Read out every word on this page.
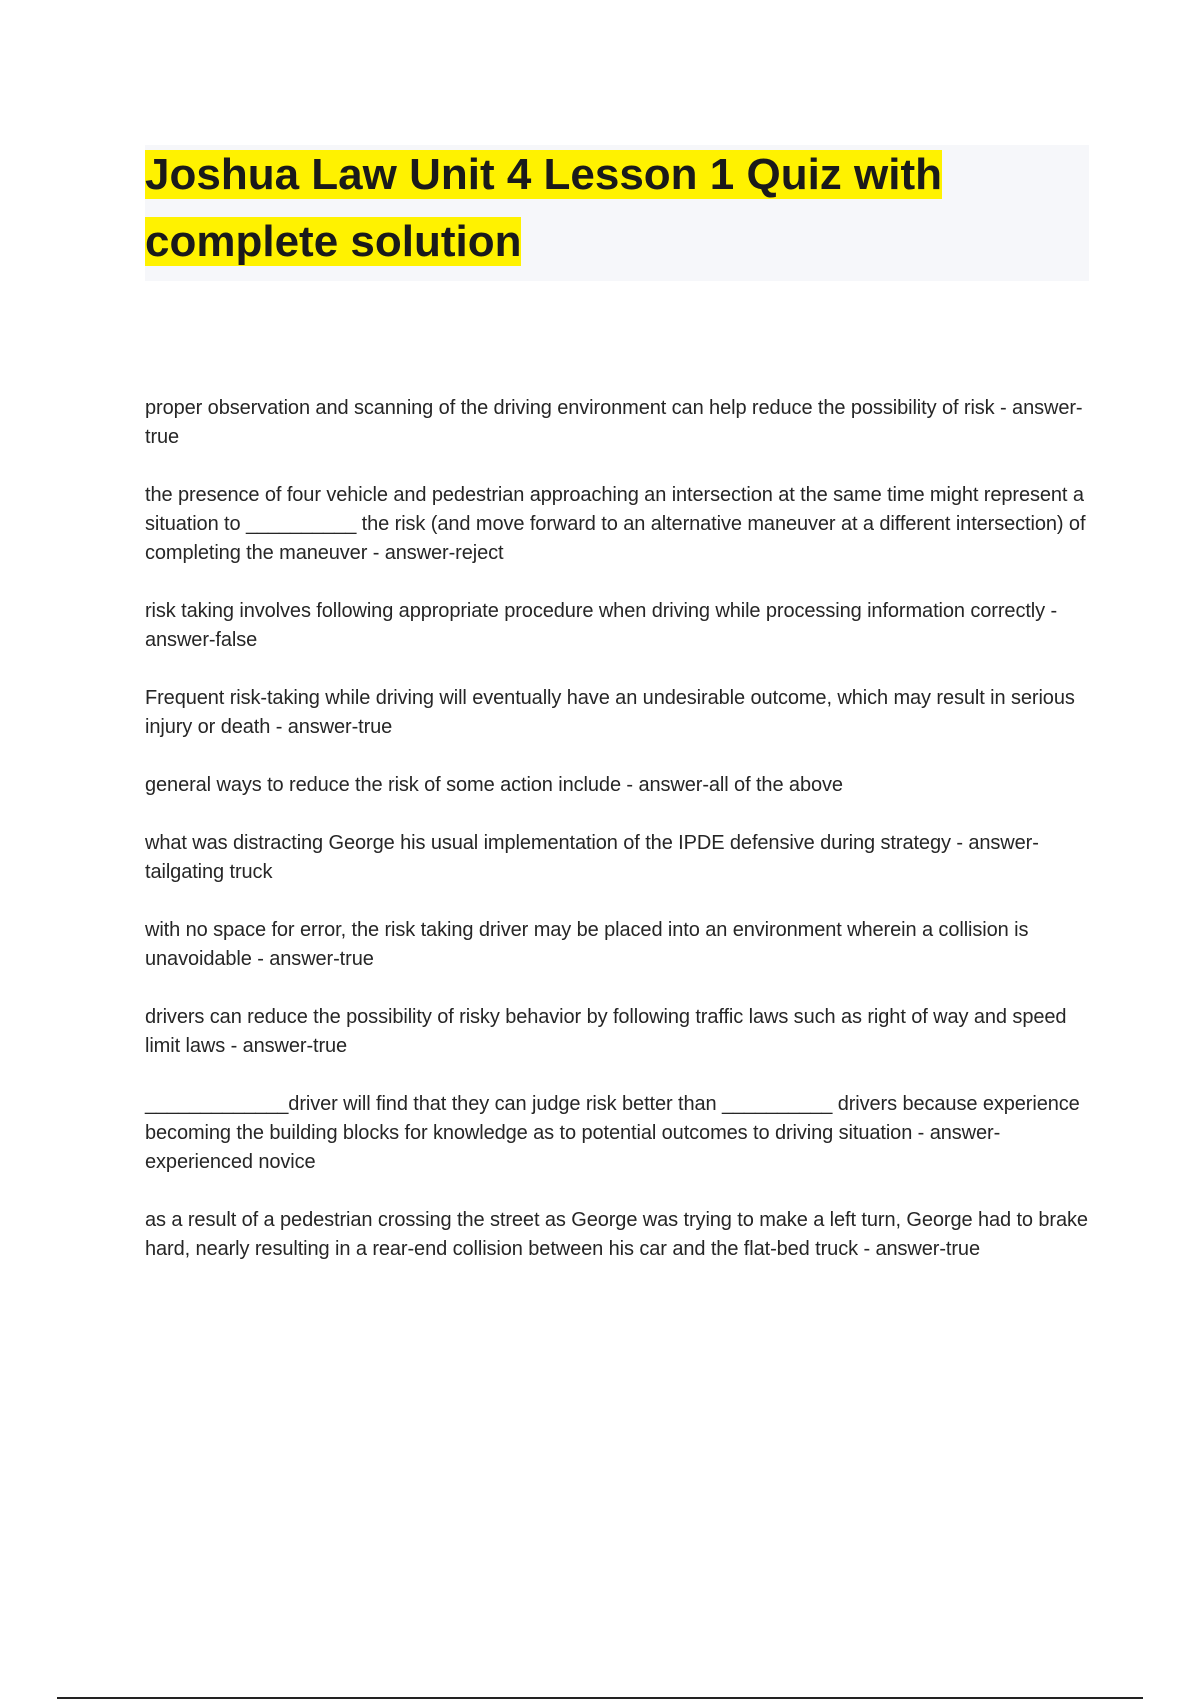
Joshua Law Unit 4 Lesson 1 Quiz with complete solution
proper observation and scanning of the driving environment can help reduce the possibility of risk - answer-true
the presence of four vehicle and pedestrian approaching an intersection at the same time might represent a situation to __________ the risk (and move forward to an alternative maneuver at a different intersection) of completing the maneuver - answer-reject
risk taking involves following appropriate procedure when driving while processing information correctly - answer-false
Frequent risk-taking while driving will eventually have an undesirable outcome, which may result in serious injury or death - answer-true
general ways to reduce the risk of some action include - answer-all of the above
what was distracting George his usual implementation of the IPDE defensive during strategy - answer-tailgating truck
with no space for error, the risk taking driver may be placed into an environment wherein a collision is unavoidable - answer-true
drivers can reduce the possibility of risky behavior by following traffic laws such as right of way and speed limit laws - answer-true
_____________driver will find that they can judge risk better than __________ drivers because experience becoming the building blocks for knowledge as to potential outcomes to driving situation - answer-experienced novice
as a result of a pedestrian crossing the street as George was trying to make a left turn, George had to brake hard, nearly resulting in a rear-end collision between his car and the flat-bed truck - answer-true
